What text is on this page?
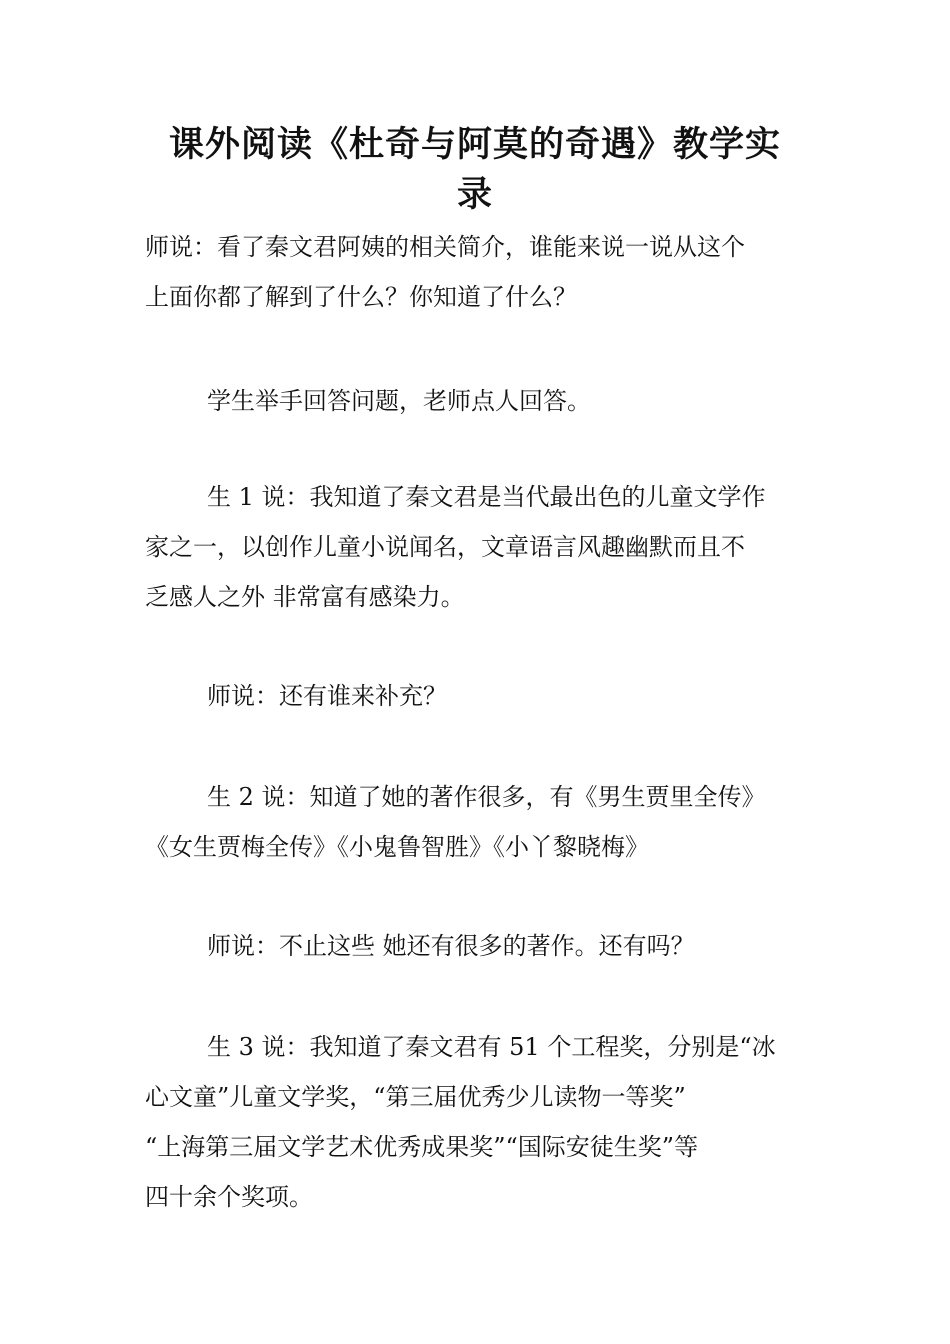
课外阅读《杜奇与阿莫的奇遇》教学实
录

师说：看了秦文君阿姨的相关简介，谁能来说一说从这个
上面你都了解到了什么？你知道了什么？

学生举手回答问题，老师点人回答。

生 1 说：我知道了秦文君是当代最出色的儿童文学作
家之一，以创作儿童小说闻名，文章语言风趣幽默而且不
乏感人之外 非常富有感染力。

师说：还有谁来补充？

生 2 说：知道了她的著作很多，有《男生贾里全传》
《女生贾梅全传》《小鬼鲁智胜》《小丫黎晓梅》

师说：不止这些 她还有很多的著作。还有吗？

生 3 说：我知道了秦文君有 51 个工程奖，分别是“冰
心文童”儿童文学奖，“第三届优秀少儿读物一等奖”
“上海第三届文学艺术优秀成果奖”“国际安徒生奖”等
四十余个奖项。
